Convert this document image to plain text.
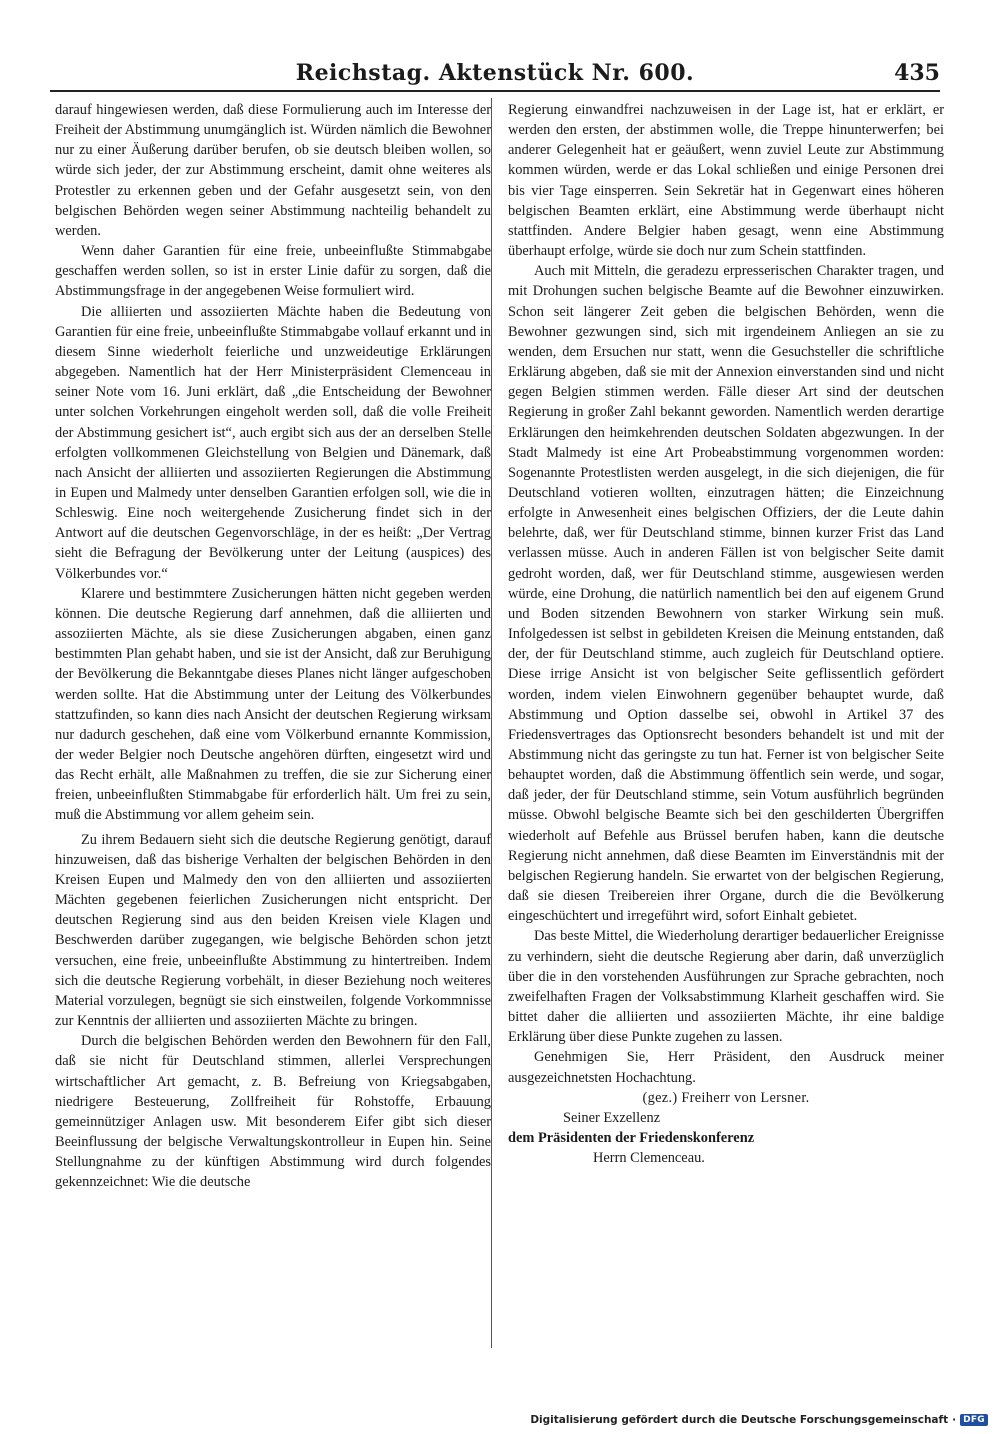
Reichstag. Aktenstück Nr. 600.	435

darauf hingewiesen werden, daß diese Formulierung auch im Interesse der Freiheit der Abstimmung unumgänglich ist. Würden nämlich die Bewohner nur zu einer Äußerung darüber berufen, ob sie deutsch bleiben wollen, so würde sich jeder, der zur Abstimmung erscheint, damit ohne weiteres als Protestler zu erkennen geben und der Gefahr ausgesetzt sein, von den belgischen Behörden wegen seiner Abstimmung nachteilig behandelt zu werden.

Wenn daher Garantien für eine freie, unbeeinflußte Stimmabgabe geschaffen werden sollen, so ist in erster Linie dafür zu sorgen, daß die Abstimmungsfrage in der angegebenen Weise formuliert wird.

Die alliierten und assoziierten Mächte haben die Bedeutung von Garantien für eine freie, unbeeinflußte Stimmabgabe vollauf erkannt und in diesem Sinne wiederholt feierliche und unzweideutige Erklärungen abgegeben. Namentlich hat der Herr Ministerpräsident Clemenceau in seiner Note vom 16. Juni erklärt, daß „die Entscheidung der Bewohner unter solchen Vorkehrungen eingeholt werden soll, daß die volle Freiheit der Abstimmung gesichert ist“, auch ergibt sich aus der an derselben Stelle erfolgten vollkommenen Gleichstellung von Belgien und Dänemark, daß nach Ansicht der alliierten und assoziierten Regierungen die Abstimmung in Eupen und Malmedy unter denselben Garantien erfolgen soll, wie die in Schleswig. Eine noch weitergehende Zusicherung findet sich in der Antwort auf die deutschen Gegenvorschläge, in der es heißt: „Der Vertrag sieht die Befragung der Bevölkerung unter der Leitung (auspices) des Völkerbundes vor.“

Klarere und bestimmtere Zusicherungen hätten nicht gegeben werden können. Die deutsche Regierung darf annehmen, daß die alliierten und assoziierten Mächte, als sie diese Zusicherungen abgaben, einen ganz bestimmten Plan gehabt haben, und sie ist der Ansicht, daß zur Beruhigung der Bevölkerung die Bekanntgabe dieses Planes nicht länger aufgeschoben werden sollte. Hat die Abstimmung unter der Leitung des Völkerbundes stattzufinden, so kann dies nach Ansicht der deutschen Regierung wirksam nur dadurch geschehen, daß eine vom Völkerbund ernannte Kommission, der weder Belgier noch Deutsche angehören dürften, eingesetzt wird und das Recht erhält, alle Maßnahmen zu treffen, die sie zur Sicherung einer freien, unbeeinflußten Stimmabgabe für erforderlich hält. Um frei zu sein, muß die Abstimmung vor allem geheim sein.

Zu ihrem Bedauern sieht sich die deutsche Regierung genötigt, darauf hinzuweisen, daß das bisherige Verhalten der belgischen Behörden in den Kreisen Eupen und Malmedy den von den alliierten und assoziierten Mächten gegebenen feierlichen Zusicherungen nicht entspricht. Der deutschen Regierung sind aus den beiden Kreisen viele Klagen und Beschwerden darüber zugegangen, wie belgische Behörden schon jetzt versuchen, eine freie, unbeeinflußte Abstimmung zu hintertreiben. Indem sich die deutsche Regierung vorbehält, in dieser Beziehung noch weiteres Material vorzulegen, begnügt sie sich einstweilen, folgende Vorkommnisse zur Kenntnis der alliierten und assoziierten Mächte zu bringen.

Durch die belgischen Behörden werden den Bewohnern für den Fall, daß sie nicht für Deutschland stimmen, allerlei Versprechungen wirtschaftlicher Art gemacht, z. B. Befreiung von Kriegsabgaben, niedrigere Besteuerung, Zollfreiheit für Rohstoffe, Erbauung gemeinnütziger Anlagen usw. Mit besonderem Eifer gibt sich dieser Beeinflussung der belgische Verwaltungskontrolleur in Eupen hin. Seine Stellungnahme zu der künftigen Abstimmung wird durch folgendes gekennzeichnet: Wie die deutsche

Regierung einwandfrei nachzuweisen in der Lage ist, hat er erklärt, er werden den ersten, der abstimmen wolle, die Treppe hinunterwerfen; bei anderer Gelegenheit hat er geäußert, wenn zuviel Leute zur Abstimmung kommen würden, werde er das Lokal schließen und einige Personen drei bis vier Tage einsperren. Sein Sekretär hat in Gegenwart eines höheren belgischen Beamten erklärt, eine Abstimmung werde überhaupt nicht stattfinden. Andere Belgier haben gesagt, wenn eine Abstimmung überhaupt erfolge, würde sie doch nur zum Schein stattfinden.

Auch mit Mitteln, die geradezu erpresserischen Charakter tragen, und mit Drohungen suchen belgische Beamte auf die Bewohner einzuwirken. Schon seit längerer Zeit geben die belgischen Behörden, wenn die Bewohner gezwungen sind, sich mit irgendeinem Anliegen an sie zu wenden, dem Ersuchen nur statt, wenn die Gesuchsteller die schriftliche Erklärung abgeben, daß sie mit der Annexion einverstanden sind und nicht gegen Belgien stimmen werden. Fälle dieser Art sind der deutschen Regierung in großer Zahl bekannt geworden. Namentlich werden derartige Erklärungen den heimkehrenden deutschen Soldaten abgezwungen. In der Stadt Malmedy ist eine Art Probeabstimmung vorgenommen worden: Sogenannte Protestlisten werden ausgelegt, in die sich diejenigen, die für Deutschland votieren wollten, einzutragen hätten; die Einzeichnung erfolgte in Anwesenheit eines belgischen Offiziers, der die Leute dahin belehrte, daß, wer für Deutschland stimme, binnen kurzer Frist das Land verlassen müsse. Auch in anderen Fällen ist von belgischer Seite damit gedroht worden, daß, wer für Deutschland stimme, ausgewiesen werden würde, eine Drohung, die natürlich namentlich bei den auf eigenem Grund und Boden sitzenden Bewohnern von starker Wirkung sein muß. Infolgedessen ist selbst in gebildeten Kreisen die Meinung entstanden, daß der, der für Deutschland stimme, auch zugleich für Deutschland optiere. Diese irrige Ansicht ist von belgischer Seite geflissentlich gefördert worden, indem vielen Einwohnern gegenüber behauptet wurde, daß Abstimmung und Option dasselbe sei, obwohl in Artikel 37 des Friedensvertrages das Optionsrecht besonders behandelt ist und mit der Abstimmung nicht das geringste zu tun hat. Ferner ist von belgischer Seite behauptet worden, daß die Abstimmung öffentlich sein werde, und sogar, daß jeder, der für Deutschland stimme, sein Votum ausführlich begründen müsse. Obwohl belgische Beamte sich bei den geschilderten Übergriffen wiederholt auf Befehle aus Brüssel berufen haben, kann die deutsche Regierung nicht annehmen, daß diese Beamten im Einverständnis mit der belgischen Regierung handeln. Sie erwartet von der belgischen Regierung, daß sie diesen Treibereien ihrer Organe, durch die die Bevölkerung eingeschüchtert und irregeführt wird, sofort Einhalt gebietet.

Das beste Mittel, die Wiederholung derartiger bedauerlicher Ereignisse zu verhindern, sieht die deutsche Regierung aber darin, daß unverzüglich über die in den vorstehenden Ausführungen zur Sprache gebrachten, noch zweifelhaften Fragen der Volksabstimmung Klarheit geschaffen wird. Sie bittet daher die alliierten und assoziierten Mächte, ihr eine baldige Erklärung über diese Punkte zugehen zu lassen.

Genehmigen Sie, Herr Präsident, den Ausdruck meiner ausgezeichnetsten Hochachtung.

(gez.) Freiherr von Lersner.

Seiner Exzellenz
dem Präsidenten der Friedenskonferenz
Herrn Clemenceau.

Digitalisierung gefördert durch die Deutsche Forschungsgemeinschaft · DFG
